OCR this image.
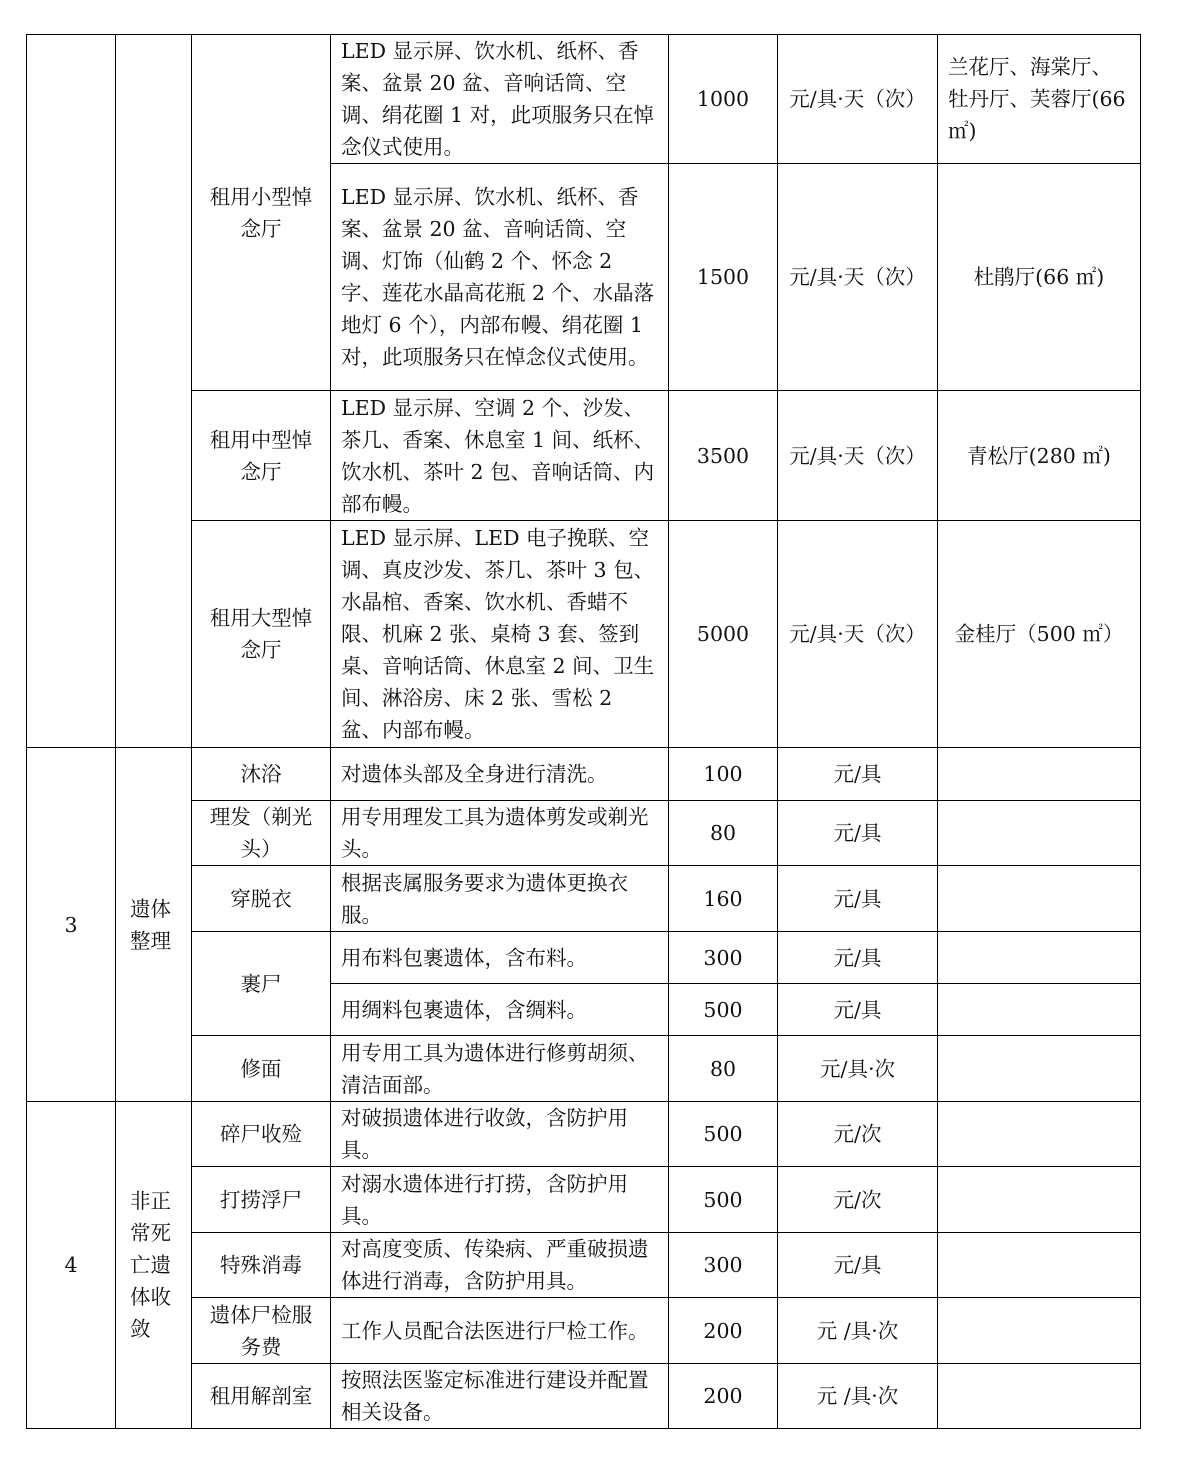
		租用小型悼念厅	LED 显示屏、饮水机、纸杯、香案、盆景 20 盆、音响话筒、空调、绢花圈 1 对，此项服务只在悼念仪式使用。	1000	元/具·天（次）	兰花厅、海棠厅、牡丹厅、芙蓉厅(66 ㎡)
			LED 显示屏、饮水机、纸杯、香案、盆景 20 盆、音响话筒、空调、灯饰（仙鹤 2 个、怀念 2 字、莲花水晶高花瓶 2 个、水晶落地灯 6 个），内部布幔、绢花圈 1 对，此项服务只在悼念仪式使用。	1500	元/具·天（次）	杜鹃厅(66 ㎡)
		租用中型悼念厅	LED 显示屏、空调 2 个、沙发、茶几、香案、休息室 1 间、纸杯、饮水机、茶叶 2 包、音响话筒、内部布幔。	3500	元/具·天（次）	青松厅(280 ㎡)
		租用大型悼念厅	LED 显示屏、LED 电子挽联、空调、真皮沙发、茶几、茶叶 3 包、水晶棺、香案、饮水机、香蜡不限、机麻 2 张、桌椅 3 套、签到桌、音响话筒、休息室 2 间、卫生间、淋浴房、床 2 张、雪松 2 盆、内部布幔。	5000	元/具·天（次）	金桂厅（500 ㎡）
3	遗体整理	沐浴	对遗体头部及全身进行清洗。	100	元/具	
		理发（剃光头）	用专用理发工具为遗体剪发或剃光头。	80	元/具	
		穿脱衣	根据丧属服务要求为遗体更换衣服。	160	元/具	
		裹尸	用布料包裹遗体，含布料。	300	元/具	
			用绸料包裹遗体，含绸料。	500	元/具	
		修面	用专用工具为遗体进行修剪胡须、清洁面部。	80	元/具·次	
4	非正常死亡遗体收敛	碎尸收殓	对破损遗体进行收敛，含防护用具。	500	元/次	
		打捞浮尸	对溺水遗体进行打捞，含防护用具。	500	元/次	
		特殊消毒	对高度变质、传染病、严重破损遗体进行消毒，含防护用具。	300	元/具	
		遗体尸检服务费	工作人员配合法医进行尸检工作。	200	元 /具·次	
		租用解剖室	按照法医鉴定标准进行建设并配置相关设备。	200	元 /具·次	
